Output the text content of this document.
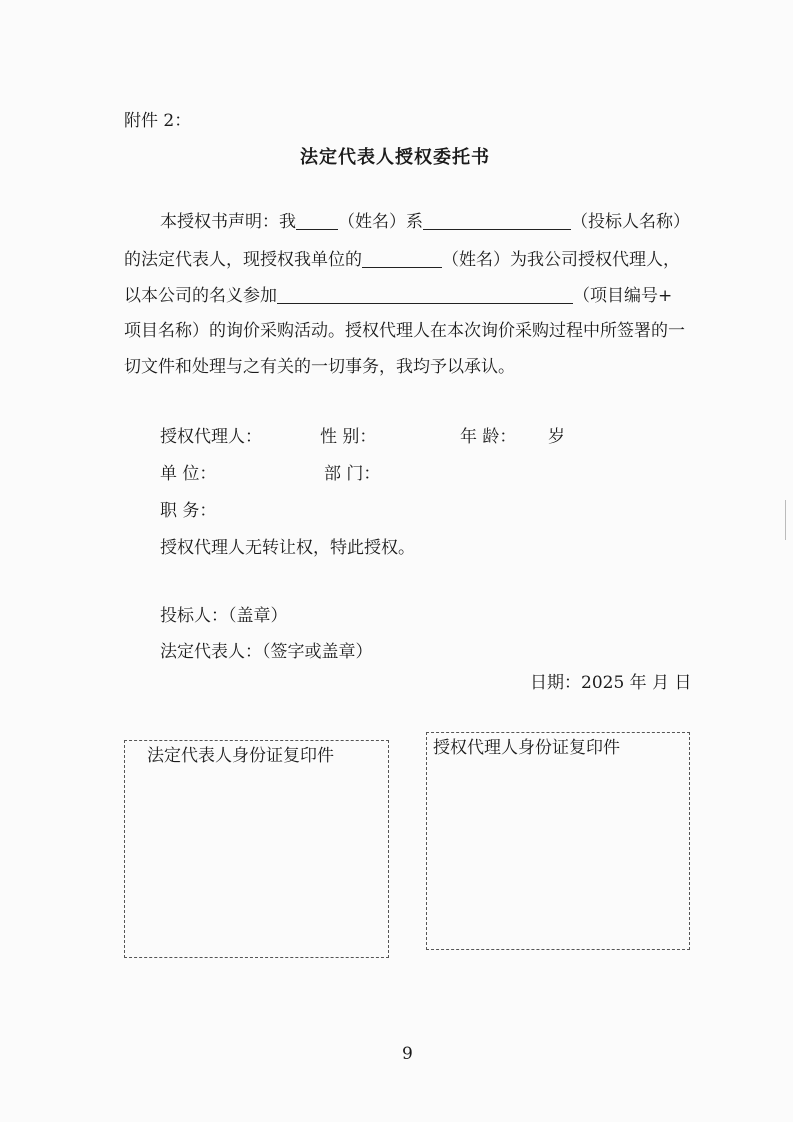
附件 2：
法定代表人授权委托书
本授权书声明：我 （姓名）系	（投标人名称）
的法定代表人，现授权我单位的	（姓名）为我公司授权代理人，
以本公司的名义参加	（项目编号+
项目名称）的询价采购活动。授权代理人在本次询价采购过程中所签署的一
切文件和处理与之有关的一切事务，我均予以承认。
授权代理人：	性 别：	年 龄： 岁
单 位：	部 门：
职 务：
授权代理人无转让权，特此授权。
投标人：（盖章）
法定代表人：（签字或盖章）
日期：2025 年 月 日
法定代表人身份证复印件	授权代理人身份证复印件
9
